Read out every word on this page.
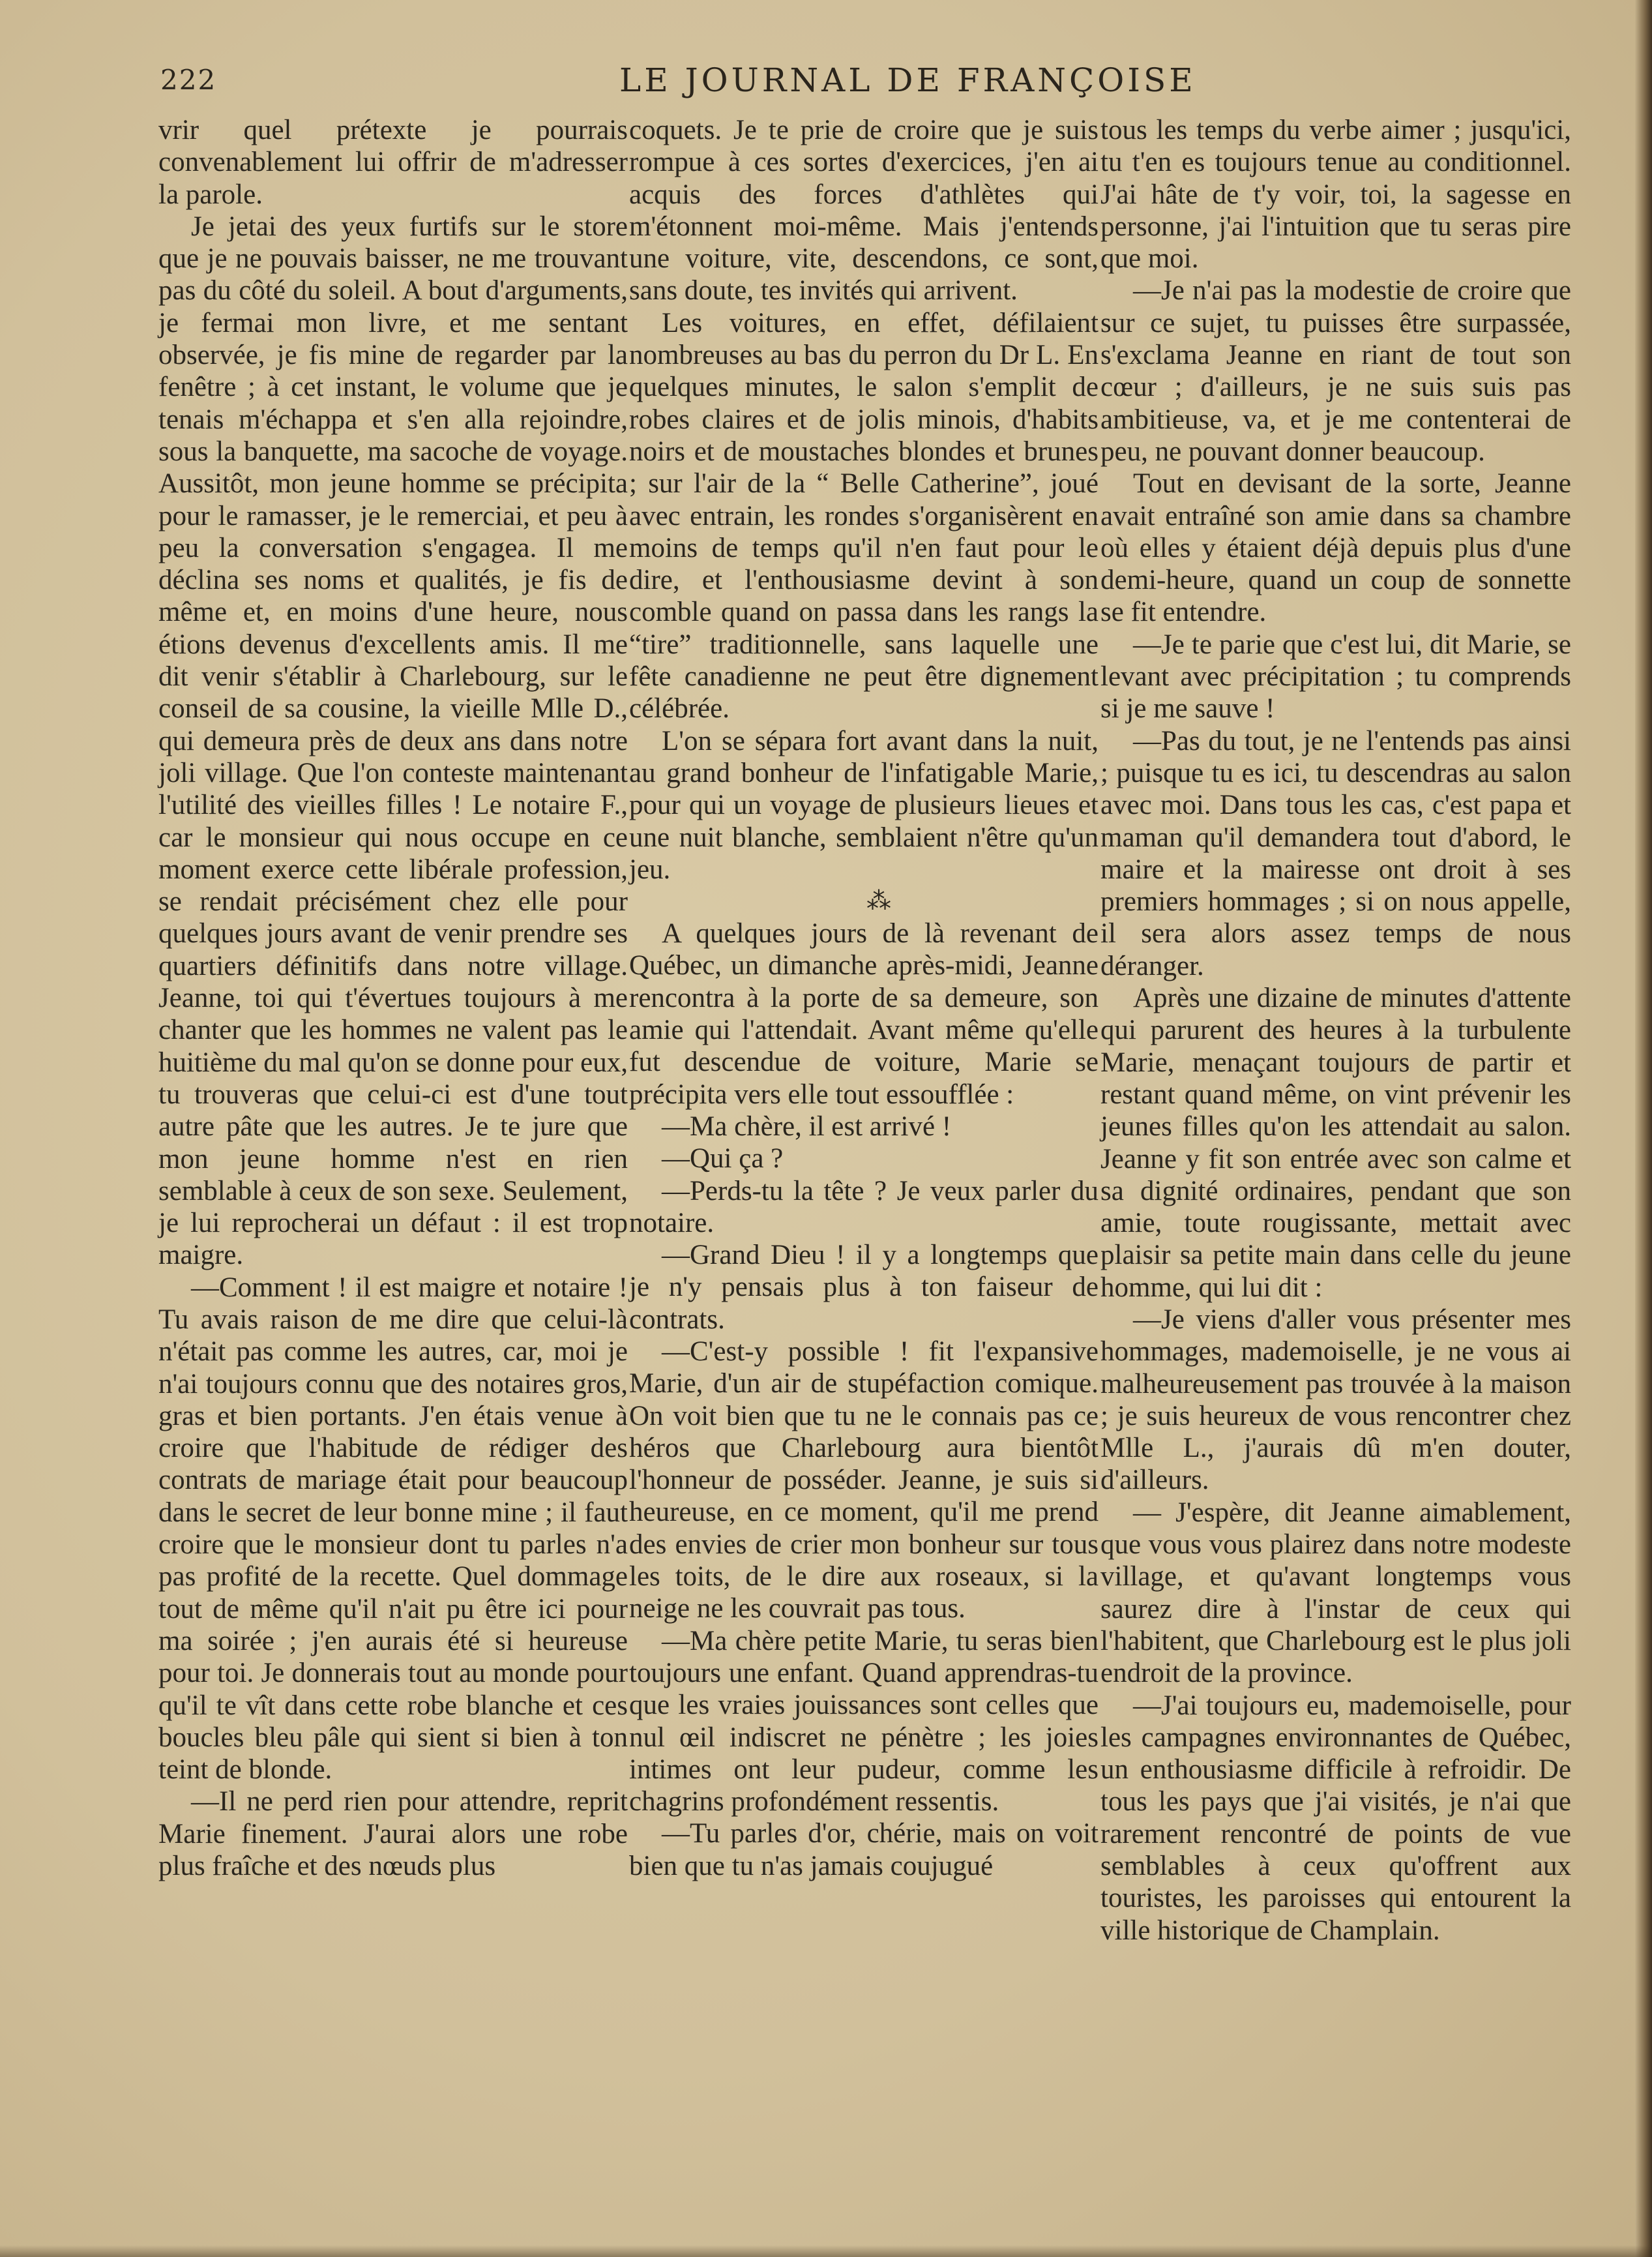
222	LE JOURNAL DE FRANÇOISE

vrir quel prétexte je pourrais convenablement lui offrir de m'adresser la parole.

Je jetai des yeux furtifs sur le store que je ne pouvais baisser, ne me trouvant pas du côté du soleil. A bout d'arguments, je fermai mon livre, et me sentant observée, je fis mine de regarder par la fenêtre ; à cet instant, le volume que je tenais m'échappa et s'en alla rejoindre, sous la banquette, ma sacoche de voyage. Aussitôt, mon jeune homme se précipita pour le ramasser, je le remerciai, et peu à peu la conversation s'engagea. Il me déclina ses noms et qualités, je fis de même et, en moins d'une heure, nous étions devenus d'excellents amis. Il me dit venir s'établir à Charlebourg, sur le conseil de sa cousine, la vieille Mlle D., qui demeura près de deux ans dans notre joli village. Que l'on conteste maintenant l'utilité des vieilles filles ! Le notaire F., car le monsieur qui nous occupe en ce moment exerce cette libérale profession, se rendait précisément chez elle pour quelques jours avant de venir prendre ses quartiers définitifs dans notre village. Jeanne, toi qui t'évertues toujours à me chanter que les hommes ne valent pas le huitième du mal qu'on se donne pour eux, tu trouveras que celui-ci est d'une tout autre pâte que les autres. Je te jure que mon jeune homme n'est en rien semblable à ceux de son sexe. Seulement, je lui reprocherai un défaut : il est trop maigre.

—Comment ! il est maigre et notaire ! Tu avais raison de me dire que celui-là n'était pas comme les autres, car, moi je n'ai toujours connu que des notaires gros, gras et bien portants. J'en étais venue à croire que l'habitude de rédiger des contrats de mariage était pour beaucoup dans le secret de leur bonne mine ; il faut croire que le monsieur dont tu parles n'a pas profité de la recette. Quel dommage tout de même qu'il n'ait pu être ici pour ma soirée ; j'en aurais été si heureuse pour toi. Je donnerais tout au monde pour qu'il te vît dans cette robe blanche et ces boucles bleu pâle qui sient si bien à ton teint de blonde.

—Il ne perd rien pour attendre, reprit Marie finement. J'aurai alors une robe plus fraîche et des nœuds plus

coquets. Je te prie de croire que je suis rompue à ces sortes d'exercices, j'en ai acquis des forces d'athlètes qui m'étonnent moi-même. Mais j'entends une voiture, vite, descendons, ce sont, sans doute, tes invités qui arrivent.

Les voitures, en effet, défilaient nombreuses au bas du perron du Dr L. En quelques minutes, le salon s'emplit de robes claires et de jolis minois, d'habits noirs et de moustaches blondes et brunes ; sur l'air de la “ Belle Catherine”, joué avec entrain, les rondes s'organisèrent en moins de temps qu'il n'en faut pour le dire, et l'enthousiasme devint à son comble quand on passa dans les rangs la “tire” traditionnelle, sans laquelle une fête canadienne ne peut être dignement célébrée.

L'on se sépara fort avant dans la nuit, au grand bonheur de l'infatigable Marie, pour qui un voyage de plusieurs lieues et une nuit blanche, semblaient n'être qu'un jeu.

⁂

A quelques jours de là revenant de Québec, un dimanche après-midi, Jeanne rencontra à la porte de sa demeure, son amie qui l'attendait. Avant même qu'elle fut descendue de voiture, Marie se précipita vers elle tout essoufflée :

—Ma chère, il est arrivé !

—Qui ça ?

—Perds-tu la tête ? Je veux parler du notaire.

—Grand Dieu ! il y a longtemps que je n'y pensais plus à ton faiseur de contrats.

—C'est-y possible ! fit l'expansive Marie, d'un air de stupéfaction comique. On voit bien que tu ne le connais pas ce héros que Charlebourg aura bientôt l'honneur de posséder. Jeanne, je suis si heureuse, en ce moment, qu'il me prend des envies de crier mon bonheur sur tous les toits, de le dire aux roseaux, si la neige ne les couvrait pas tous.

—Ma chère petite Marie, tu seras bien toujours une enfant. Quand apprendras-tu que les vraies jouissances sont celles que nul œil indiscret ne pénètre ; les joies intimes ont leur pudeur, comme les chagrins profondément ressentis.

—Tu parles d'or, chérie, mais on voit bien que tu n'as jamais coujugué

tous les temps du verbe aimer ; jusqu'ici, tu t'en es toujours tenue au conditionnel. J'ai hâte de t'y voir, toi, la sagesse en personne, j'ai l'intuition que tu seras pire que moi.

—Je n'ai pas la modestie de croire que sur ce sujet, tu puisses être surpassée, s'exclama Jeanne en riant de tout son cœur ; d'ailleurs, je ne suis suis pas ambitieuse, va, et je me contenterai de peu, ne pouvant donner beaucoup.

Tout en devisant de la sorte, Jeanne avait entraîné son amie dans sa chambre où elles y étaient déjà depuis plus d'une demi-heure, quand un coup de sonnette se fit entendre.

—Je te parie que c'est lui, dit Marie, se levant avec précipitation ; tu comprends si je me sauve !

—Pas du tout, je ne l'entends pas ainsi ; puisque tu es ici, tu descendras au salon avec moi. Dans tous les cas, c'est papa et maman qu'il demandera tout d'abord, le maire et la mairesse ont droit à ses premiers hommages ; si on nous appelle, il sera alors assez temps de nous déranger.

Après une dizaine de minutes d'attente qui parurent des heures à la turbulente Marie, menaçant toujours de partir et restant quand même, on vint prévenir les jeunes filles qu'on les attendait au salon. Jeanne y fit son entrée avec son calme et sa dignité ordinaires, pendant que son amie, toute rougissante, mettait avec plaisir sa petite main dans celle du jeune homme, qui lui dit :

—Je viens d'aller vous présenter mes hommages, mademoiselle, je ne vous ai malheureusement pas trouvée à la maison ; je suis heureux de vous rencontrer chez Mlle L., j'aurais dû m'en douter, d'ailleurs.

— J'espère, dit Jeanne aimablement, que vous vous plairez dans notre modeste village, et qu'avant longtemps vous saurez dire à l'instar de ceux qui l'habitent, que Charlebourg est le plus joli endroit de la province.

—J'ai toujours eu, mademoiselle, pour les campagnes environnantes de Québec, un enthousiasme difficile à refroidir. De tous les pays que j'ai visités, je n'ai que rarement rencontré de points de vue semblables à ceux qu'offrent aux touristes, les paroisses qui entourent la ville historique de Champlain.
